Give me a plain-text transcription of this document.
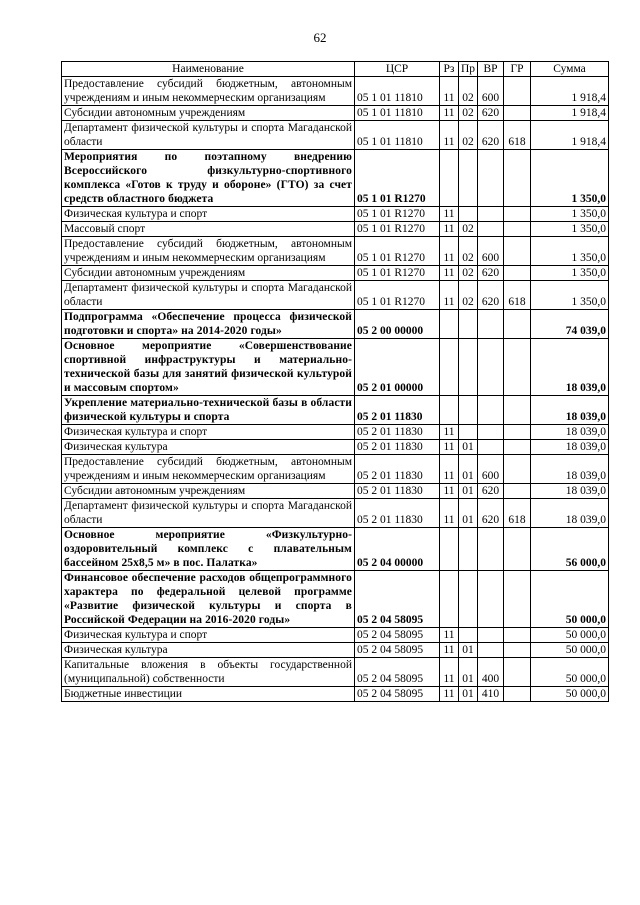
62
Наименование	ЦСР	Рз	Пр	ВР	ГР	Сумма
Предоставление субсидий бюджетным, автономным учреждениям и иным некоммерческим организациям	05 1 01 11810	11	02	600		1 918,4
Субсидии автономным учреждениям	05 1 01 11810	11	02	620		1 918,4
Департамент физической культуры и спорта Магаданской области	05 1 01 11810	11	02	620	618	1 918,4
Мероприятия по поэтапному внедрению Всероссийского физкультурно-спортивного комплекса «Готов к труду и обороне» (ГТО) за счет средств областного бюджета	05 1 01 R1270					1 350,0
Физическая культура и спорт	05 1 01 R1270	11				1 350,0
Массовый спорт	05 1 01 R1270	11	02			1 350,0
Предоставление субсидий бюджетным, автономным учреждениям и иным некоммерческим организациям	05 1 01 R1270	11	02	600		1 350,0
Субсидии автономным учреждениям	05 1 01 R1270	11	02	620		1 350,0
Департамент физической культуры и спорта Магаданской области	05 1 01 R1270	11	02	620	618	1 350,0
Подпрограмма «Обеспечение процесса физической подготовки и спорта» на 2014-2020 годы»	05 2 00 00000					74 039,0
Основное мероприятие «Совершенствование спортивной инфраструктуры и материально-технической базы для занятий физической культурой и массовым спортом»	05 2 01 00000					18 039,0
Укрепление материально-технической базы в области физической культуры и спорта	05 2 01 11830					18 039,0
Физическая культура и спорт	05 2 01 11830	11				18 039,0
Физическая культура	05 2 01 11830	11	01			18 039,0
Предоставление субсидий бюджетным, автономным учреждениям и иным некоммерческим организациям	05 2 01 11830	11	01	600		18 039,0
Субсидии автономным учреждениям	05 2 01 11830	11	01	620		18 039,0
Департамент физической культуры и спорта Магаданской области	05 2 01 11830	11	01	620	618	18 039,0
Основное мероприятие «Физкультурно-оздоровительный комплекс с плавательным бассейном 25x8,5 м» в пос. Палатка»	05 2 04 00000					56 000,0
Финансовое обеспечение расходов общепрограммного характера по федеральной целевой программе «Развитие физической культуры и спорта в Российской Федерации на 2016-2020 годы»	05 2 04 58095					50 000,0
Физическая культура и спорт	05 2 04 58095	11				50 000,0
Физическая культура	05 2 04 58095	11	01			50 000,0
Капитальные вложения в объекты государственной (муниципальной) собственности	05 2 04 58095	11	01	400		50 000,0
Бюджетные инвестиции	05 2 04 58095	11	01	410		50 000,0
